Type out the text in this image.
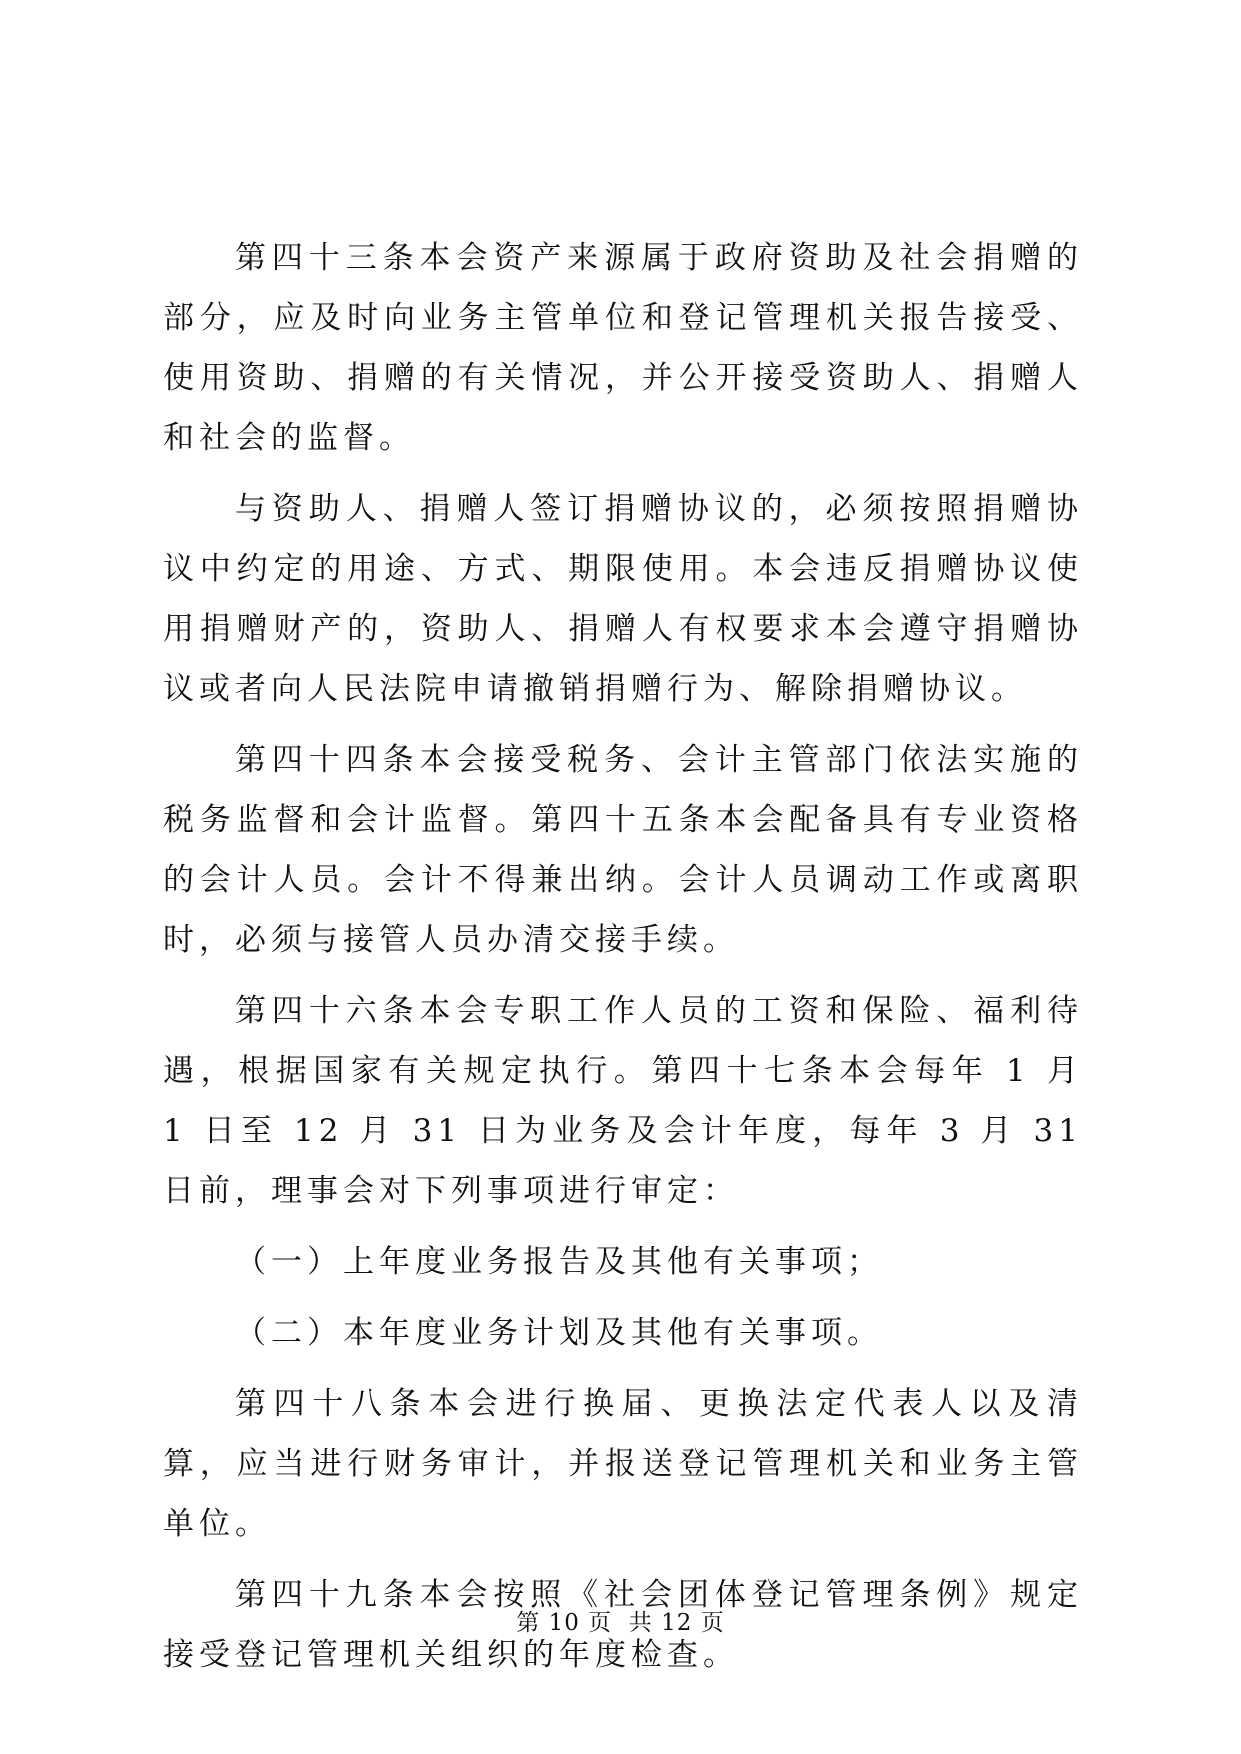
第四十三条本会资产来源属于政府资助及社会捐赠的部分，应及时向业务主管单位和登记管理机关报告接受、使用资助、捐赠的有关情况，并公开接受资助人、捐赠人和社会的监督。

与资助人、捐赠人签订捐赠协议的，必须按照捐赠协议中约定的用途、方式、期限使用。本会违反捐赠协议使用捐赠财产的，资助人、捐赠人有权要求本会遵守捐赠协议或者向人民法院申请撤销捐赠行为、解除捐赠协议。

第四十四条本会接受税务、会计主管部门依法实施的税务监督和会计监督。第四十五条本会配备具有专业资格的会计人员。会计不得兼出纳。会计人员调动工作或离职时，必须与接管人员办清交接手续。

第四十六条本会专职工作人员的工资和保险、福利待遇，根据国家有关规定执行。第四十七条本会每年 1 月 1 日至 12 月 31 日为业务及会计年度，每年 3 月 31 日前，理事会对下列事项进行审定：

（一）上年度业务报告及其他有关事项；

（二）本年度业务计划及其他有关事项。

第四十八条本会进行换届、更换法定代表人以及清算，应当进行财务审计，并报送登记管理机关和业务主管单位。

第四十九条本会按照《社会团体登记管理条例》规定接受登记管理机关组织的年度检查。

第 10 页  共 12 页
